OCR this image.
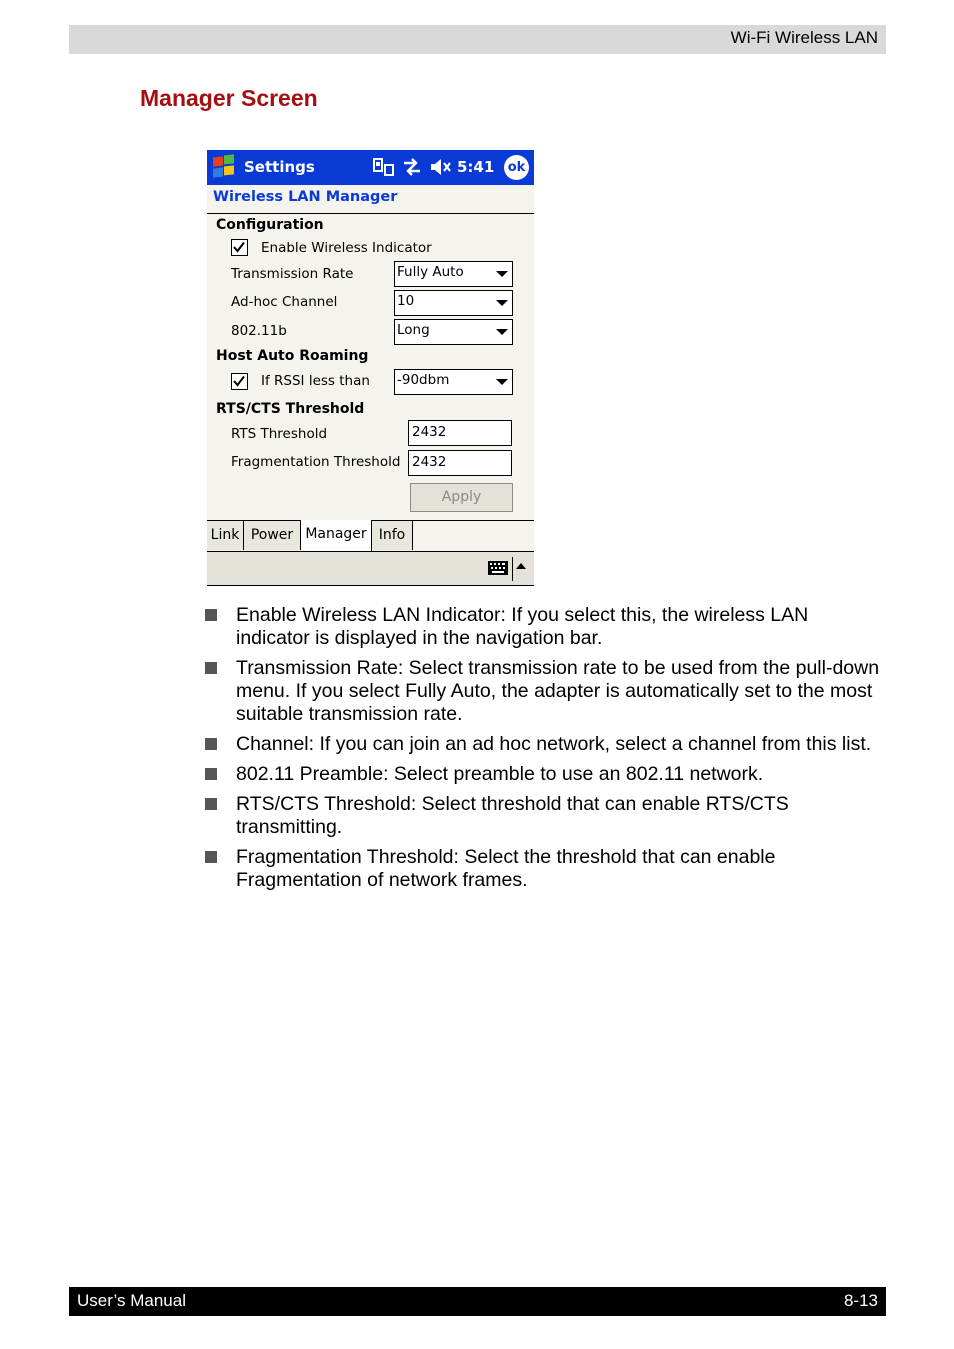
Wi-Fi Wireless LAN
Manager Screen
Settings	5:41 ok
Wireless LAN Manager
Configuration
Enable Wireless Indicator
Transmission Rate	Fully Auto
Ad-hoc Channel	10
802.11b	Long
Host Auto Roaming
If RSSI less than -90dbm
RTS/CTS Threshold
RTS Threshold	2432
Fragmentation Threshold 2432
Apply
Link Power Manager Info
Enable Wireless LAN Indicator: If you select this, the wireless LAN indicator is displayed in the navigation bar.
Transmission Rate: Select transmission rate to be used from the pull-down menu. If you select Fully Auto, the adapter is automatically set to the most suitable transmission rate.
Channel: If you can join an ad hoc network, select a channel from this list.
802.11 Preamble: Select preamble to use an 802.11 network.
RTS/CTS Threshold: Select threshold that can enable RTS/CTS transmitting.
Fragmentation Threshold: Select the threshold that can enable Fragmentation of network frames.
User’s Manual	8-13
